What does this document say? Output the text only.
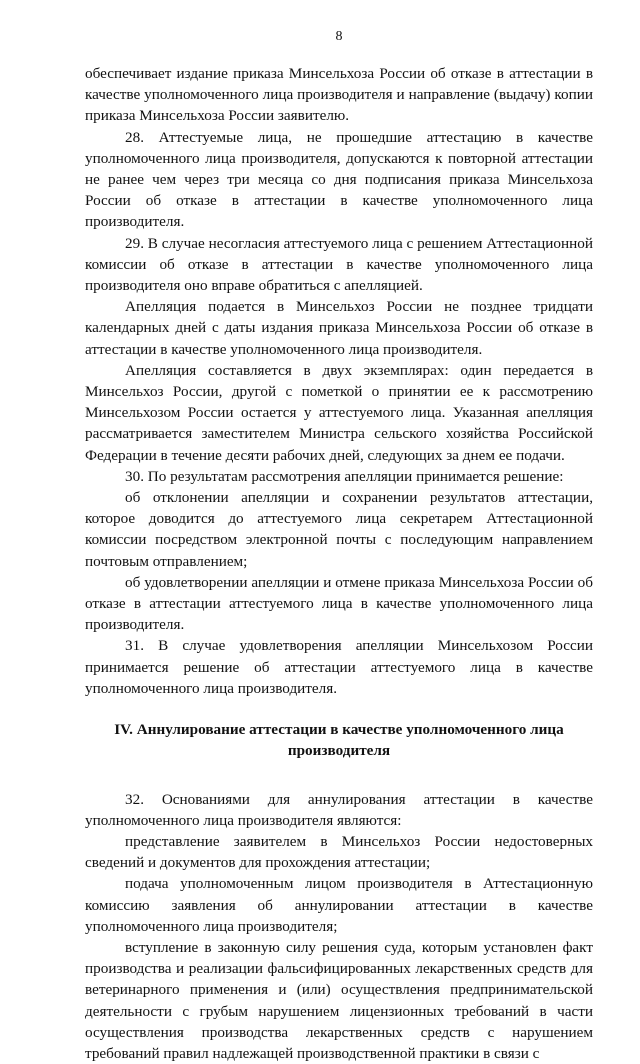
8

обеспечивает издание приказа Минсельхоза России об отказе в аттестации в качестве уполномоченного лица производителя и направление (выдачу) копии приказа Минсельхоза России заявителю.

28. Аттестуемые лица, не прошедшие аттестацию в качестве уполномоченного лица производителя, допускаются к повторной аттестации не ранее чем через три месяца со дня подписания приказа Минсельхоза России об отказе в аттестации в качестве уполномоченного лица производителя.

29. В случае несогласия аттестуемого лица с решением Аттестационной комиссии об отказе в аттестации в качестве уполномоченного лица производителя оно вправе обратиться с апелляцией.

Апелляция подается в Минсельхоз России не позднее тридцати календарных дней с даты издания приказа Минсельхоза России об отказе в аттестации в качестве уполномоченного лица производителя.

Апелляция составляется в двух экземплярах: один передается в Минсельхоз России, другой с пометкой о принятии ее к рассмотрению Минсельхозом России остается у аттестуемого лица. Указанная апелляция рассматривается заместителем Министра сельского хозяйства Российской Федерации в течение десяти рабочих дней, следующих за днем ее подачи.

30. По результатам рассмотрения апелляции принимается решение:

об отклонении апелляции и сохранении результатов аттестации, которое доводится до аттестуемого лица секретарем Аттестационной комиссии посредством электронной почты с последующим направлением почтовым отправлением;

об удовлетворении апелляции и отмене приказа Минсельхоза России об отказе в аттестации аттестуемого лица в качестве уполномоченного лица производителя.

31. В случае удовлетворения апелляции Минсельхозом России принимается решение об аттестации аттестуемого лица в качестве уполномоченного лица производителя.

IV. Аннулирование аттестации в качестве уполномоченного лица производителя

32. Основаниями для аннулирования аттестации в качестве уполномоченного лица производителя являются:

представление заявителем в Минсельхоз России недостоверных сведений и документов для прохождения аттестации;

подача уполномоченным лицом производителя в Аттестационную комиссию заявления об аннулировании аттестации в качестве уполномоченного лица производителя;

вступление в законную силу решения суда, которым установлен факт производства и реализации фальсифицированных лекарственных средств для ветеринарного применения и (или) осуществления предпринимательской деятельности с грубым нарушением лицензионных требований в части осуществления производства лекарственных средств с нарушением требований правил надлежащей производственной практики в связи с
